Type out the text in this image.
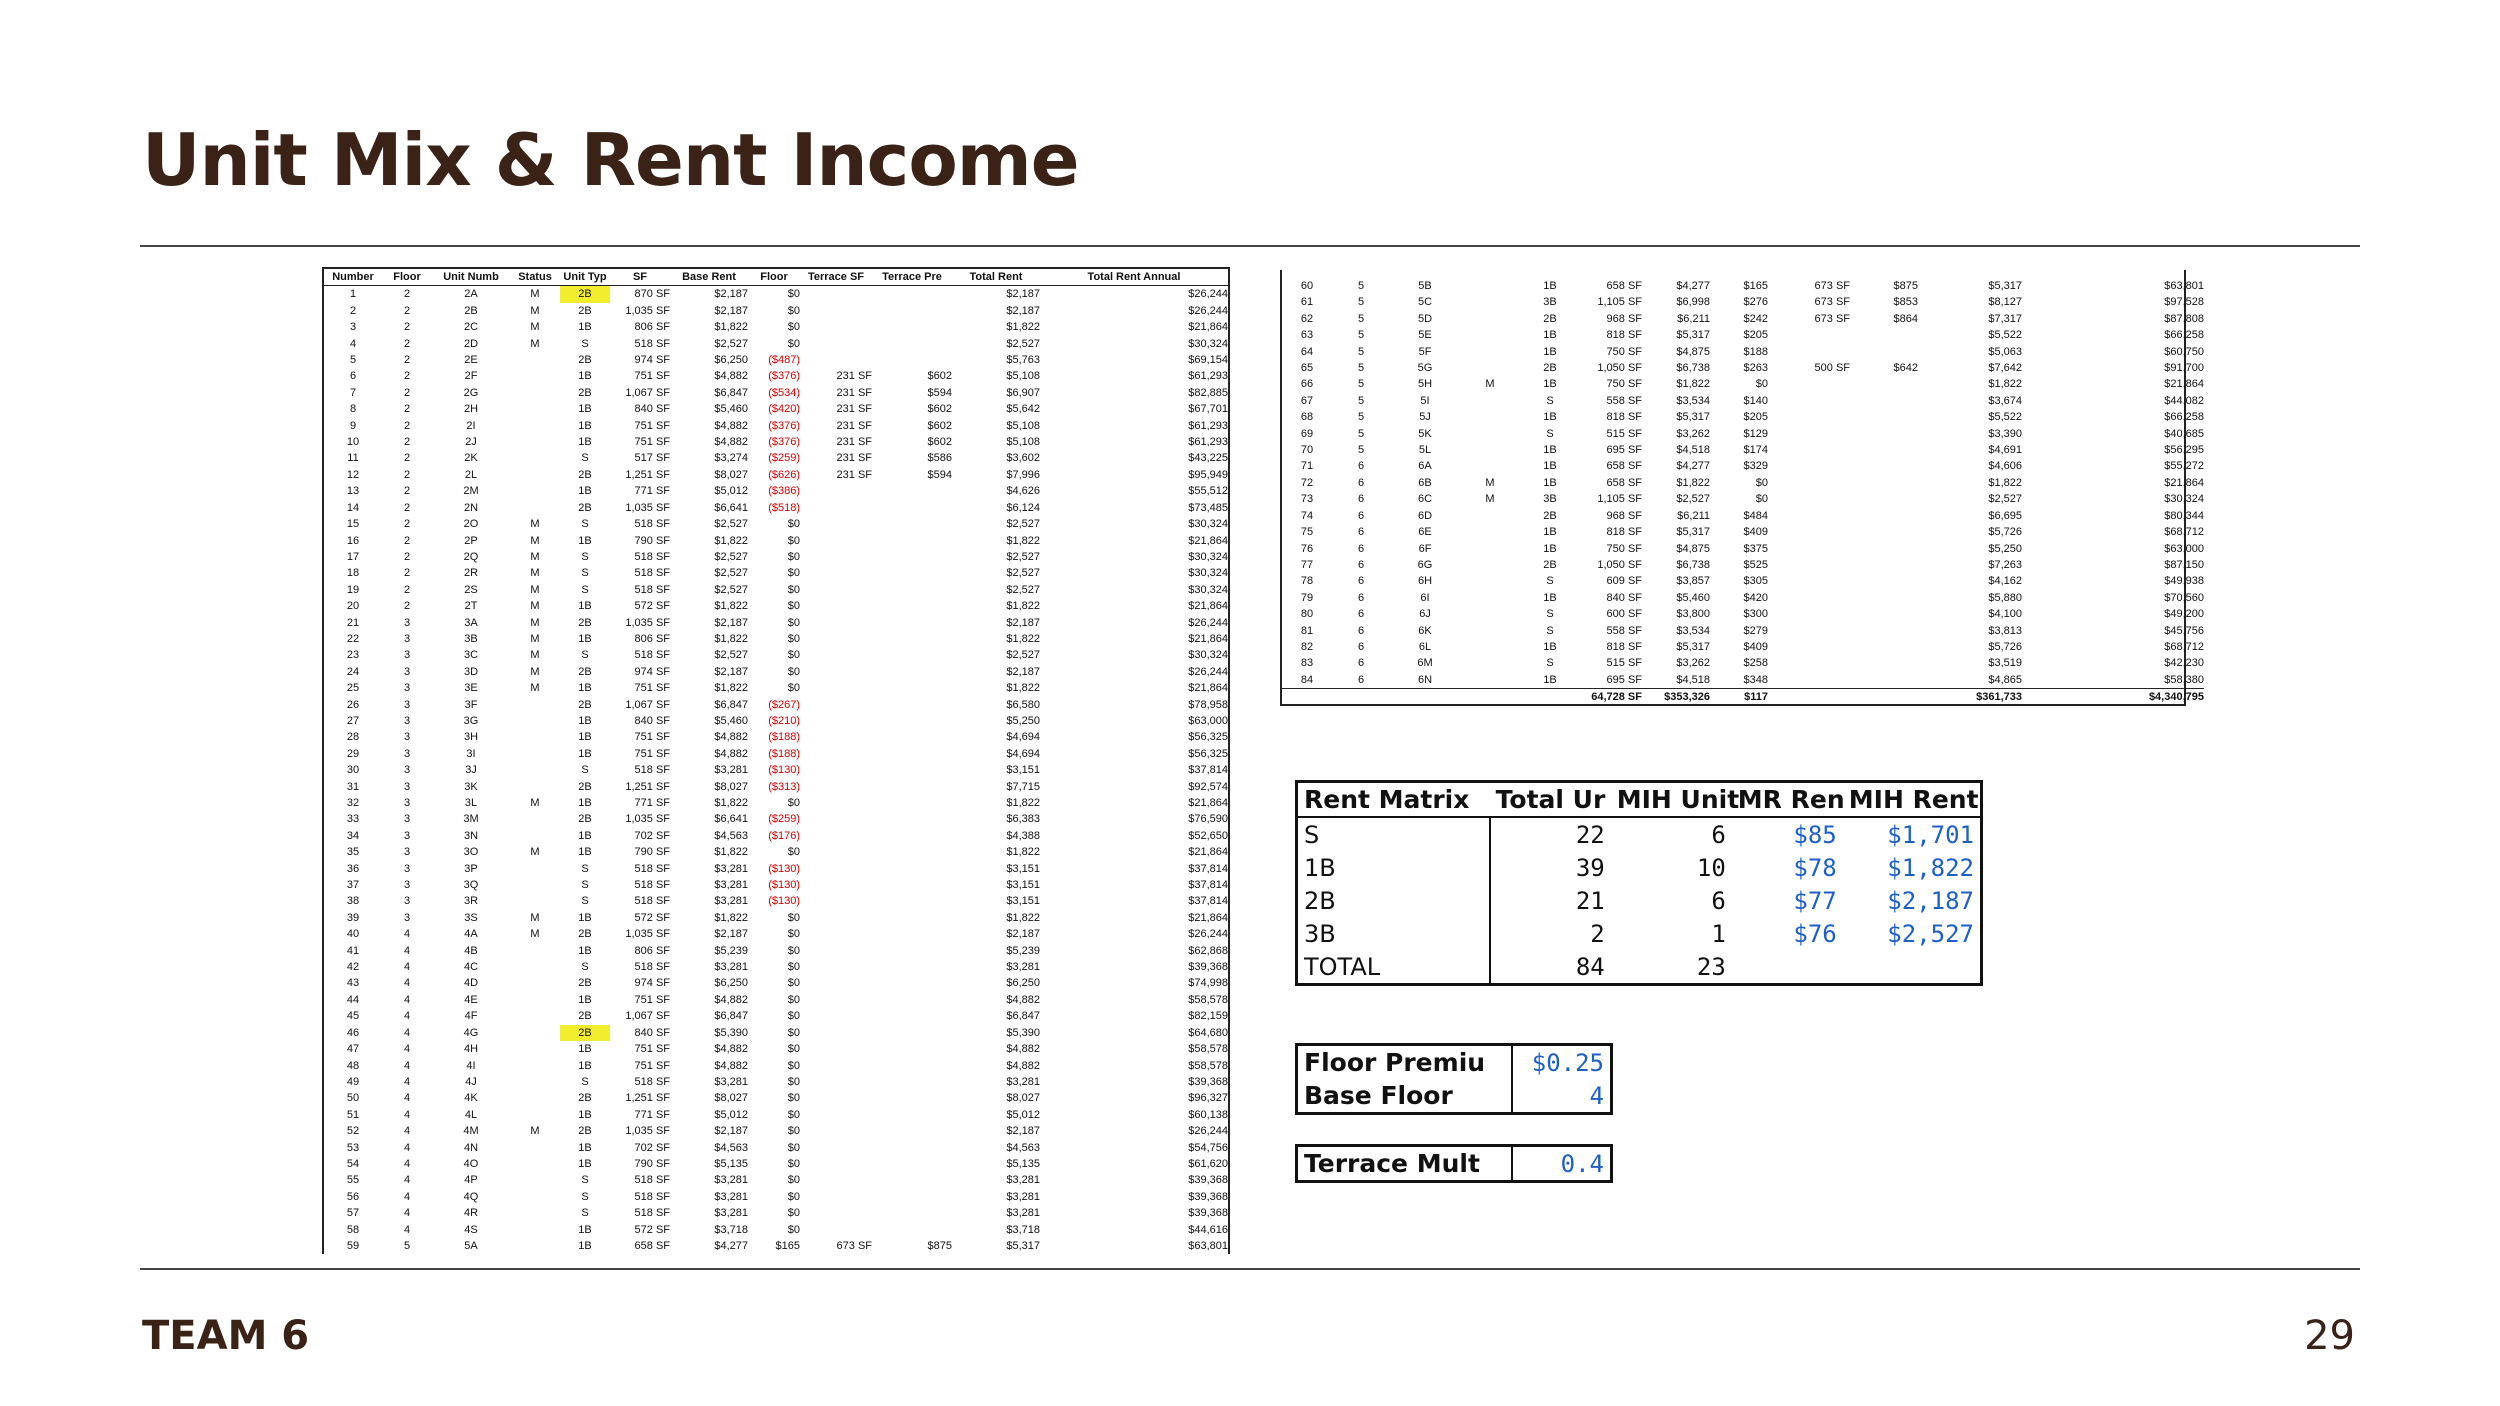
Unit Mix & Rent Income
Number	Floor	Unit Numb	Status	Unit Typ	SF	Base Rent	Floor	Terrace SF	Terrace Pre	Total Rent	Total Rent Annual
1	2	2A	M	2B	870 SF	$2,187	$0			$2,187	$26,244
2	2	2B	M	2B	1,035 SF	$2,187	$0			$2,187	$26,244
3	2	2C	M	1B	806 SF	$1,822	$0			$1,822	$21,864
4	2	2D	M	S	518 SF	$2,527	$0			$2,527	$30,324
5	2	2E		2B	974 SF	$6,250	($487)			$5,763	$69,154
6	2	2F		1B	751 SF	$4,882	($376)	231 SF	$602	$5,108	$61,293
7	2	2G		2B	1,067 SF	$6,847	($534)	231 SF	$594	$6,907	$82,885
8	2	2H		1B	840 SF	$5,460	($420)	231 SF	$602	$5,642	$67,701
9	2	2I		1B	751 SF	$4,882	($376)	231 SF	$602	$5,108	$61,293
10	2	2J		1B	751 SF	$4,882	($376)	231 SF	$602	$5,108	$61,293
11	2	2K		S	517 SF	$3,274	($259)	231 SF	$586	$3,602	$43,225
12	2	2L		2B	1,251 SF	$8,027	($626)	231 SF	$594	$7,996	$95,949
13	2	2M		1B	771 SF	$5,012	($386)			$4,626	$55,512
14	2	2N		2B	1,035 SF	$6,641	($518)			$6,124	$73,485
15	2	2O	M	S	518 SF	$2,527	$0			$2,527	$30,324
16	2	2P	M	1B	790 SF	$1,822	$0			$1,822	$21,864
17	2	2Q	M	S	518 SF	$2,527	$0			$2,527	$30,324
18	2	2R	M	S	518 SF	$2,527	$0			$2,527	$30,324
19	2	2S	M	S	518 SF	$2,527	$0			$2,527	$30,324
20	2	2T	M	1B	572 SF	$1,822	$0			$1,822	$21,864
21	3	3A	M	2B	1,035 SF	$2,187	$0			$2,187	$26,244
22	3	3B	M	1B	806 SF	$1,822	$0			$1,822	$21,864
23	3	3C	M	S	518 SF	$2,527	$0			$2,527	$30,324
24	3	3D	M	2B	974 SF	$2,187	$0			$2,187	$26,244
25	3	3E	M	1B	751 SF	$1,822	$0			$1,822	$21,864
26	3	3F		2B	1,067 SF	$6,847	($267)			$6,580	$78,958
27	3	3G		1B	840 SF	$5,460	($210)			$5,250	$63,000
28	3	3H		1B	751 SF	$4,882	($188)			$4,694	$56,325
29	3	3I		1B	751 SF	$4,882	($188)			$4,694	$56,325
30	3	3J		S	518 SF	$3,281	($130)			$3,151	$37,814
31	3	3K		2B	1,251 SF	$8,027	($313)			$7,715	$92,574
32	3	3L	M	1B	771 SF	$1,822	$0			$1,822	$21,864
33	3	3M		2B	1,035 SF	$6,641	($259)			$6,383	$76,590
34	3	3N		1B	702 SF	$4,563	($176)			$4,388	$52,650
35	3	3O	M	1B	790 SF	$1,822	$0			$1,822	$21,864
36	3	3P		S	518 SF	$3,281	($130)			$3,151	$37,814
37	3	3Q		S	518 SF	$3,281	($130)			$3,151	$37,814
38	3	3R		S	518 SF	$3,281	($130)			$3,151	$37,814
39	3	3S	M	1B	572 SF	$1,822	$0			$1,822	$21,864
40	4	4A	M	2B	1,035 SF	$2,187	$0			$2,187	$26,244
41	4	4B		1B	806 SF	$5,239	$0			$5,239	$62,868
42	4	4C		S	518 SF	$3,281	$0			$3,281	$39,368
43	4	4D		2B	974 SF	$6,250	$0			$6,250	$74,998
44	4	4E		1B	751 SF	$4,882	$0			$4,882	$58,578
45	4	4F		2B	1,067 SF	$6,847	$0			$6,847	$82,159
46	4	4G		2B	840 SF	$5,390	$0			$5,390	$64,680
47	4	4H		1B	751 SF	$4,882	$0			$4,882	$58,578
48	4	4I		1B	751 SF	$4,882	$0			$4,882	$58,578
49	4	4J		S	518 SF	$3,281	$0			$3,281	$39,368
50	4	4K		2B	1,251 SF	$8,027	$0			$8,027	$96,327
51	4	4L		1B	771 SF	$5,012	$0			$5,012	$60,138
52	4	4M	M	2B	1,035 SF	$2,187	$0			$2,187	$26,244
53	4	4N		1B	702 SF	$4,563	$0			$4,563	$54,756
54	4	4O		1B	790 SF	$5,135	$0			$5,135	$61,620
55	4	4P		S	518 SF	$3,281	$0			$3,281	$39,368
56	4	4Q		S	518 SF	$3,281	$0			$3,281	$39,368
57	4	4R		S	518 SF	$3,281	$0			$3,281	$39,368
58	4	4S		1B	572 SF	$3,718	$0			$3,718	$44,616
59	5	5A		1B	658 SF	$4,277	$165	673 SF	$875	$5,317	$63,801
60	5	5B		1B	658 SF	$4,277	$165	673 SF	$875	$5,317	$63,801
61	5	5C		3B	1,105 SF	$6,998	$276	673 SF	$853	$8,127	$97,528
62	5	5D		2B	968 SF	$6,211	$242	673 SF	$864	$7,317	$87,808
63	5	5E		1B	818 SF	$5,317	$205			$5,522	$66,258
64	5	5F		1B	750 SF	$4,875	$188			$5,063	$60,750
65	5	5G		2B	1,050 SF	$6,738	$263	500 SF	$642	$7,642	$91,700
66	5	5H	M	1B	750 SF	$1,822	$0			$1,822	$21,864
67	5	5I		S	558 SF	$3,534	$140			$3,674	$44,082
68	5	5J		1B	818 SF	$5,317	$205			$5,522	$66,258
69	5	5K		S	515 SF	$3,262	$129			$3,390	$40,685
70	5	5L		1B	695 SF	$4,518	$174			$4,691	$56,295
71	6	6A		1B	658 SF	$4,277	$329			$4,606	$55,272
72	6	6B	M	1B	658 SF	$1,822	$0			$1,822	$21,864
73	6	6C	M	3B	1,105 SF	$2,527	$0			$2,527	$30,324
74	6	6D		2B	968 SF	$6,211	$484			$6,695	$80,344
75	6	6E		1B	818 SF	$5,317	$409			$5,726	$68,712
76	6	6F		1B	750 SF	$4,875	$375			$5,250	$63,000
77	6	6G		2B	1,050 SF	$6,738	$525			$7,263	$87,150
78	6	6H		S	609 SF	$3,857	$305			$4,162	$49,938
79	6	6I		1B	840 SF	$5,460	$420			$5,880	$70,560
80	6	6J		S	600 SF	$3,800	$300			$4,100	$49,200
81	6	6K		S	558 SF	$3,534	$279			$3,813	$45,756
82	6	6L		1B	818 SF	$5,317	$409			$5,726	$68,712
83	6	6M		S	515 SF	$3,262	$258			$3,519	$42,230
84	6	6N		1B	695 SF	$4,518	$348			$4,865	$58,380
					64,728 SF	$353,326	$117			$361,733	$4,340,795
Rent Matrix	Total Ur	MIH Unit	MR Ren	MIH Rent
S	22	6	$85	$1,701
1B	39	10	$78	$1,822
2B	21	6	$77	$2,187
3B	2	1	$76	$2,527
TOTAL	84	23		
Floor Premiu	$0.25
Base Floor	4
Terrace Mult	0.4
TEAM 6	29
